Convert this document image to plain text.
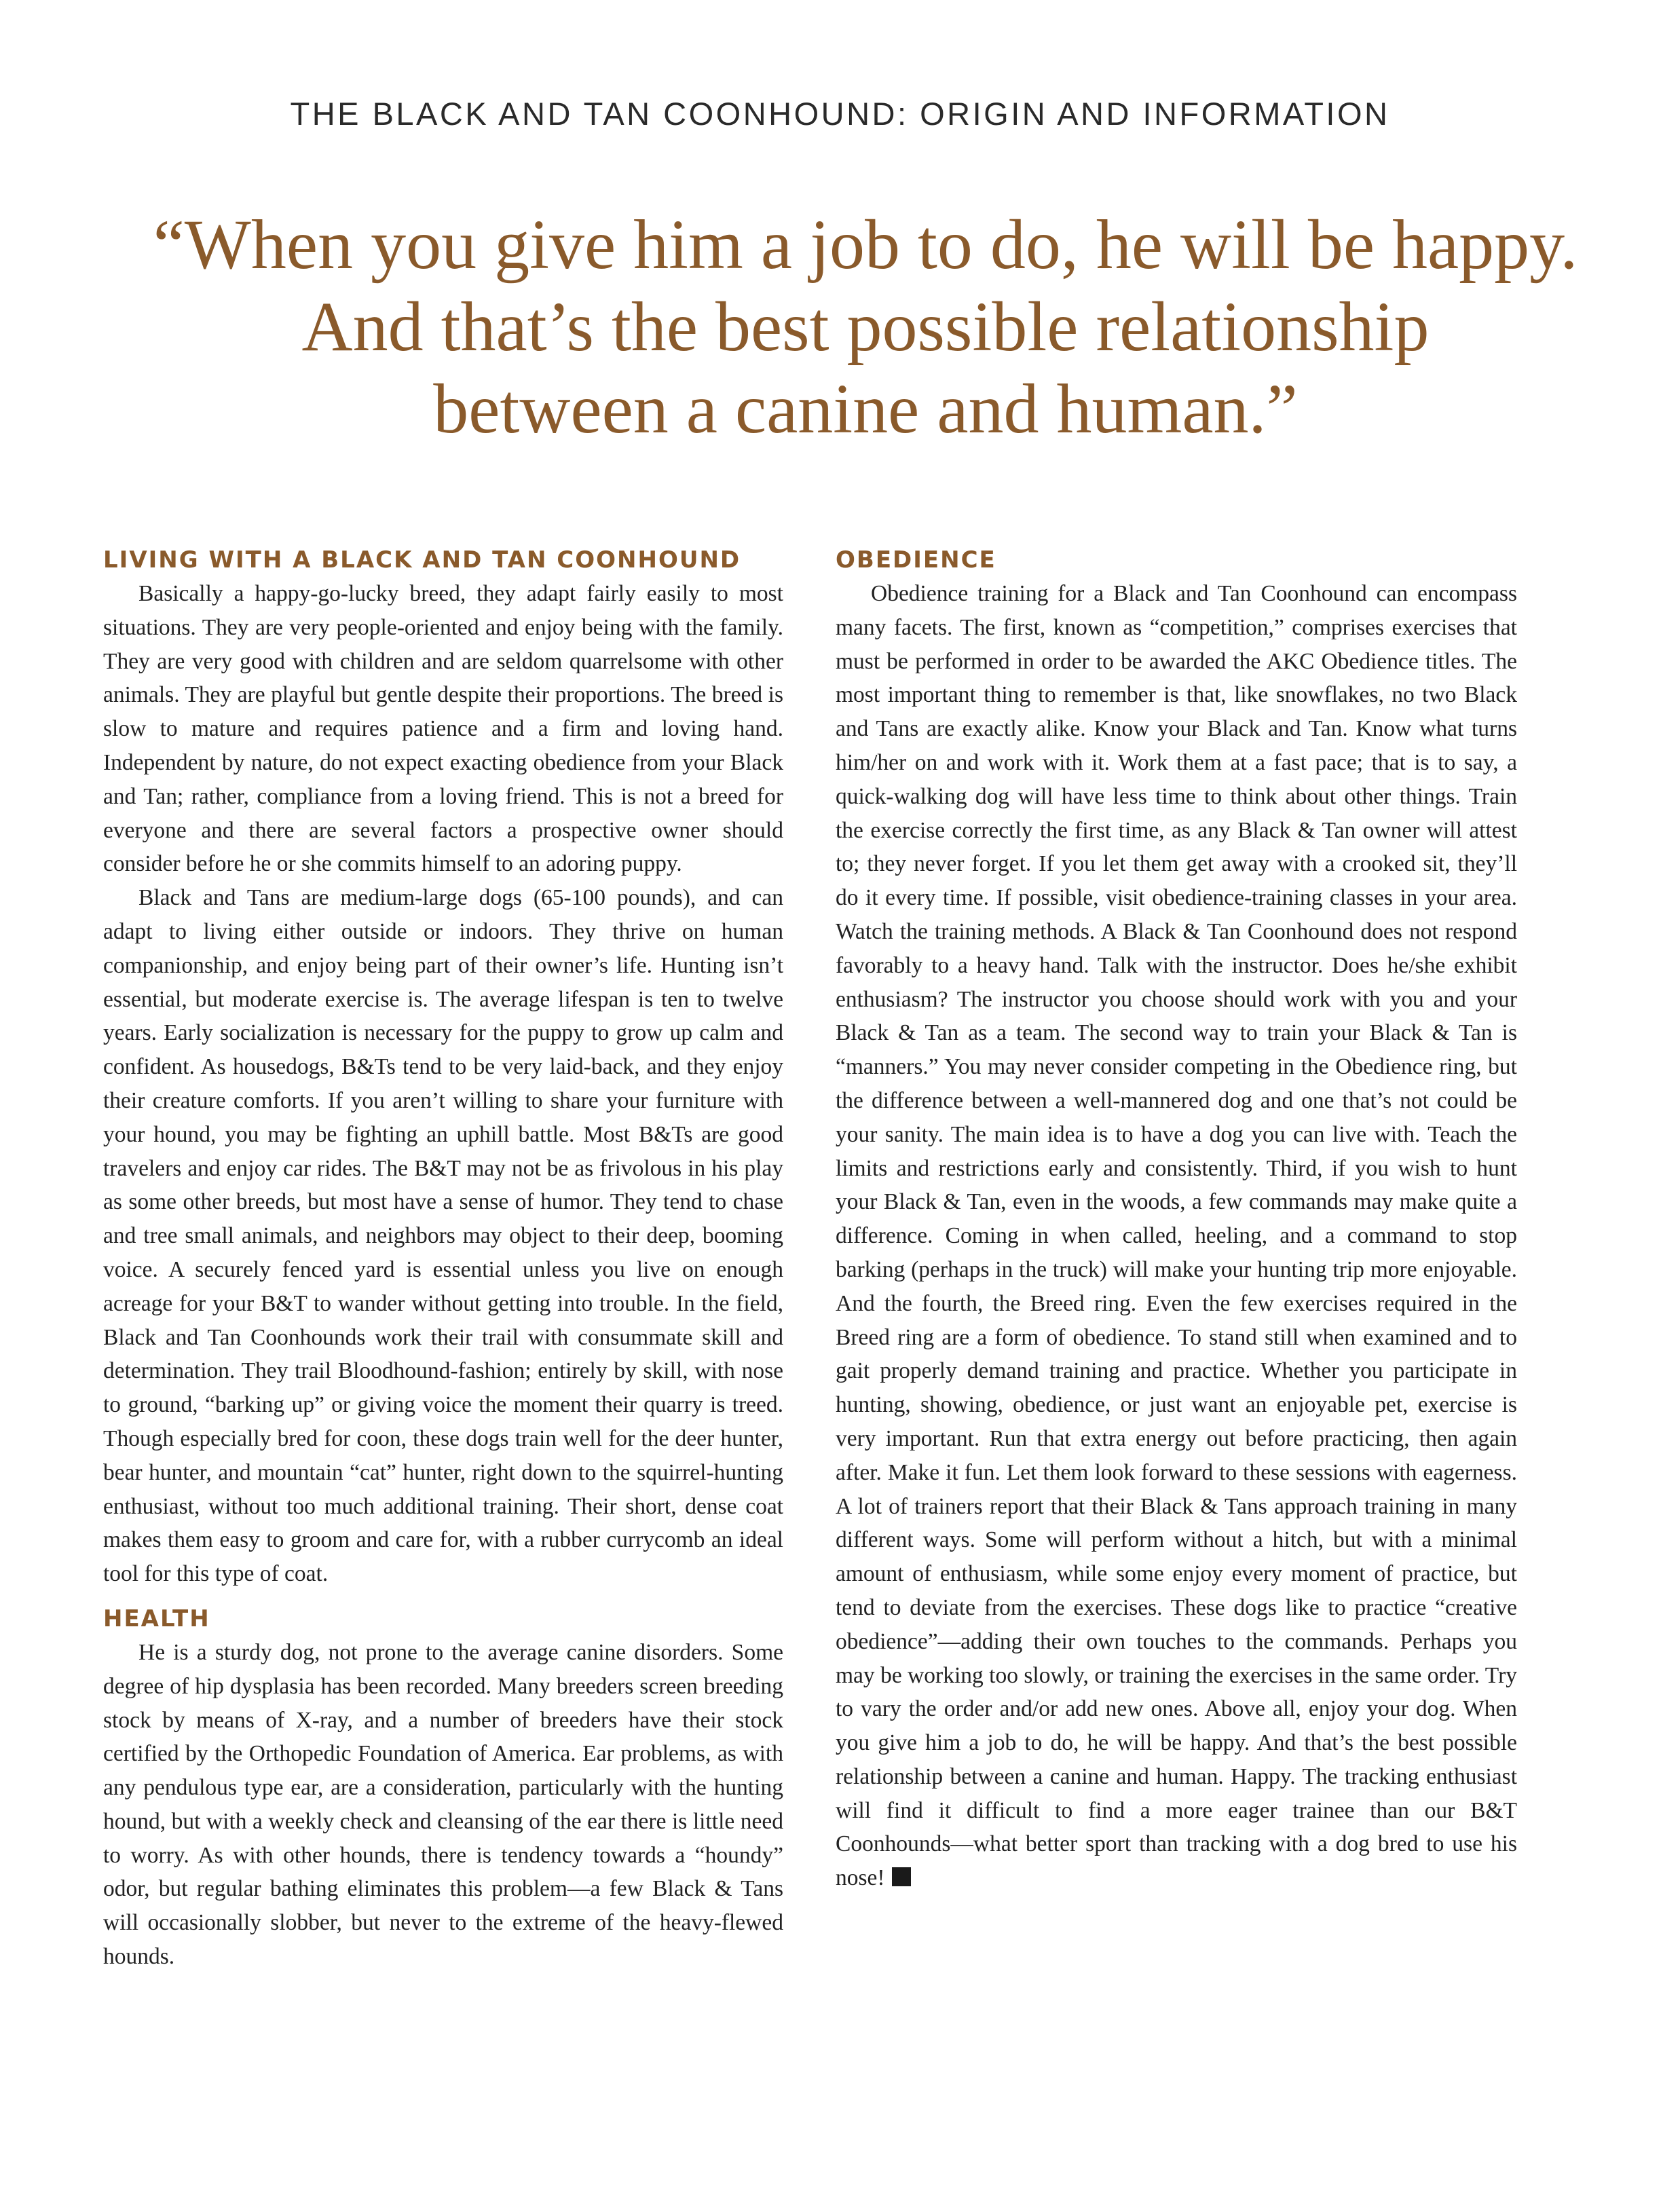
THE BLACK AND TAN COONHOUND: ORIGIN AND INFORMATION
“When you give him a job to do, he will be happy.
And that’s the best possible relationship
between a canine and human.”
LIVING WITH A BLACK AND TAN COONHOUND

Basically a happy-go-lucky breed, they adapt fairly easily to most situations. They are very people-oriented and enjoy being with the family. They are very good with children and are seldom quarrelsome with other animals. They are playful but gentle despite their proportions. The breed is slow to mature and requires patience and a firm and loving hand. Independent by nature, do not expect exacting obedience from your Black and Tan; rather, compliance from a loving friend. This is not a breed for everyone and there are several factors a prospective owner should consider before he or she commits himself to an adoring puppy.

Black and Tans are medium-large dogs (65-100 pounds), and can adapt to living either outside or indoors. They thrive on human companionship, and enjoy being part of their owner’s life. Hunting isn’t essential, but moderate exercise is. The average lifespan is ten to twelve years. Early socialization is necessary for the puppy to grow up calm and confident. As housedogs, B&Ts tend to be very laid-back, and they enjoy their creature comforts. If you aren’t willing to share your furniture with your hound, you may be fighting an uphill battle. Most B&Ts are good travelers and enjoy car rides. The B&T may not be as frivolous in his play as some other breeds, but most have a sense of humor. They tend to chase and tree small animals, and neighbors may object to their deep, booming voice. A securely fenced yard is essential unless you live on enough acreage for your B&T to wander without getting into trouble. In the field, Black and Tan Coonhounds work their trail with consummate skill and determination. They trail Bloodhound-fashion; entirely by skill, with nose to ground, “barking up” or giving voice the moment their quarry is treed. Though especially bred for coon, these dogs train well for the deer hunter, bear hunter, and mountain “cat” hunter, right down to the squirrel-hunting enthusiast, without too much additional training. Their short, dense coat makes them easy to groom and care for, with a rubber currycomb an ideal tool for this type of coat.

HEALTH

He is a sturdy dog, not prone to the average canine disorders. Some degree of hip dysplasia has been recorded. Many breeders screen breeding stock by means of X-ray, and a number of breeders have their stock certified by the Orthopedic Foundation of America. Ear problems, as with any pendulous type ear, are a consideration, particularly with the hunting hound, but with a weekly check and cleansing of the ear there is little need to worry. As with other hounds, there is tendency towards a “houndy” odor, but regular bathing eliminates this problem—a few Black & Tans will occasionally slobber, but never to the extreme of the heavy-flewed hounds.

OBEDIENCE

Obedience training for a Black and Tan Coonhound can encompass many facets. The first, known as “competition,” comprises exercises that must be performed in order to be awarded the AKC Obedience titles. The most important thing to remember is that, like snowflakes, no two Black and Tans are exactly alike. Know your Black and Tan. Know what turns him/her on and work with it. Work them at a fast pace; that is to say, a quick-walking dog will have less time to think about other things. Train the exercise correctly the first time, as any Black & Tan owner will attest to; they never forget. If you let them get away with a crooked sit, they’ll do it every time. If possible, visit obedience-training classes in your area. Watch the training methods. A Black & Tan Coonhound does not respond favorably to a heavy hand. Talk with the instructor. Does he/she exhibit enthusiasm? The instructor you choose should work with you and your Black & Tan as a team. The second way to train your Black & Tan is “manners.” You may never consider competing in the Obedience ring, but the difference between a well-mannered dog and one that’s not could be your sanity. The main idea is to have a dog you can live with. Teach the limits and restrictions early and consistently. Third, if you wish to hunt your Black & Tan, even in the woods, a few commands may make quite a difference. Coming in when called, heeling, and a command to stop barking (perhaps in the truck) will make your hunting trip more enjoyable. And the fourth, the Breed ring. Even the few exercises required in the Breed ring are a form of obedience. To stand still when examined and to gait properly demand training and practice. Whether you participate in hunting, showing, obedience, or just want an enjoyable pet, exercise is very important. Run that extra energy out before practicing, then again after. Make it fun. Let them look forward to these sessions with eagerness. A lot of trainers report that their Black & Tans approach training in many different ways. Some will perform without a hitch, but with a minimal amount of enthusiasm, while some enjoy every moment of practice, but tend to deviate from the exercises. These dogs like to practice “creative obedience”—adding their own touches to the commands. Perhaps you may be working too slowly, or training the exercises in the same order. Try to vary the order and/or add new ones. Above all, enjoy your dog. When you give him a job to do, he will be happy. And that’s the best possible relationship between a canine and human. Happy. The tracking enthusiast will find it difficult to find a more eager trainee than our B&T Coonhounds—what better sport than tracking with a dog bred to use his nose!
